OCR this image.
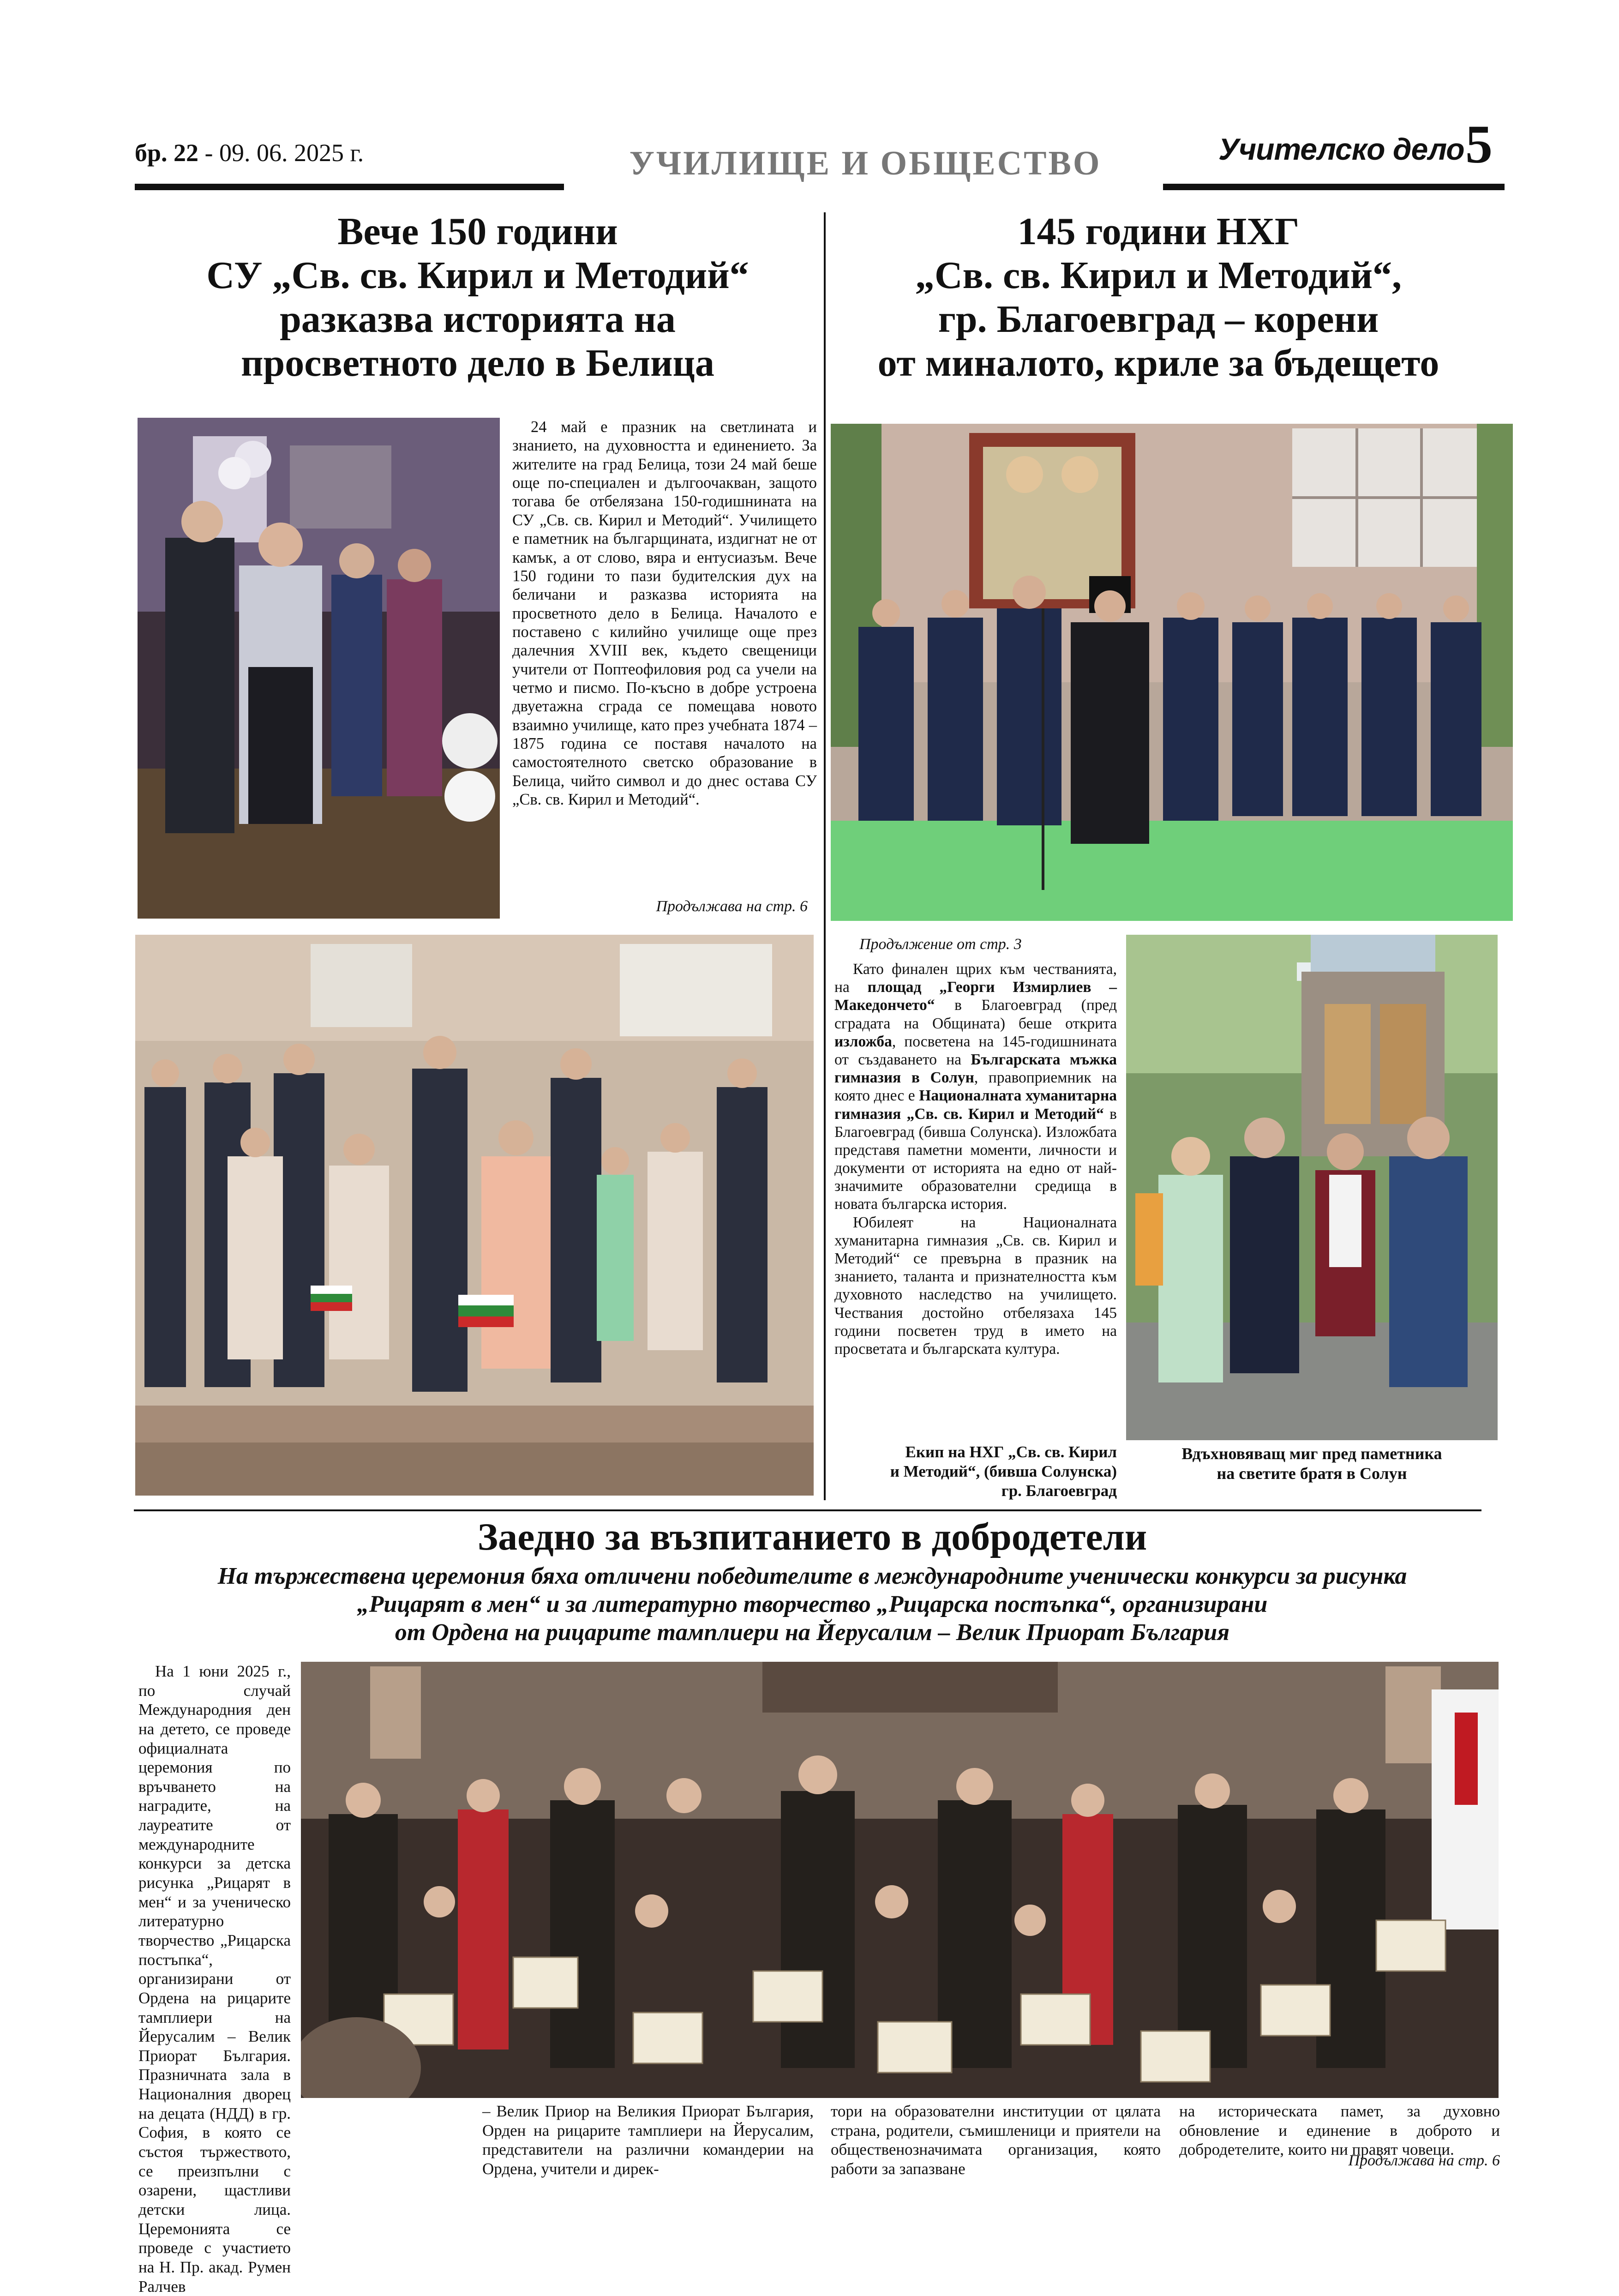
бр. 22 - 09. 06. 2025 г.	УЧИЛИЩЕ И ОБЩЕСТВО	Учителско дело 5
Вече 150 години
СУ „Св. св. Кирил и Методий“
разказва историята на
просветното дело в Белица

24 май е празник на светлината и знанието, на духовността и единението. За жителите на град Белица, този 24 май беше още по-специален и дългоочакван, защото тогава бе отбелязана 150-годишнината на СУ „Св. св. Кирил и Методий“. Училището е паметник на българщината, издигнат не от камък, а от слово, вяра и ентусиазъм. Вече 150 години то пази будителския дух на беличани и разказва историята на просветното дело в Белица. Началото е поставено с килийно училище още през далечния XVIII век, където свещеници учители от Поптеофиловия род са учели на четмо и писмо. По-късно в добре устроена двуетажна сграда се помещава новото взаимно училище, като през учебната 1874 – 1875 година се поставя началото на самостоятелното светско образование в Белица, чийто символ и до днес остава СУ „Св. св. Кирил и Методий“.

Продължава на стр. 6
145 години НХГ
„Св. св. Кирил и Методий“,
гр. Благоевград – корени
от миналото, криле за бъдещето
Продължение от стр. 3

Като финален щрих към честванията, на площад „Георги Измирлиев – Македончето“ в Благоевград (пред сградата на Общината) беше открита изложба, посветена на 145-годишнината от създаването на Българската мъжка гимназия в Солун, правоприемник на която днес е Националната хуманитарна гимназия „Св. св. Кирил и Методий“ в Благоевград (бивша Солунска). Изложбата представя паметни моменти, личности и документи от историята на едно от най-значимите образователни средища в новата българска история.

Юбилеят на Националната хуманитарна гимназия „Св. св. Кирил и Методий“ се превърна в празник на знанието, таланта и признателността към духовното наследство на училището. Чествания достойно отбелязаха 145 години посветен труд в името на просветата и българската култура.

Екип на НХГ „Св. св. Кирил
и Методий“, (бивша Солунска)
гр. Благоевград
Вдъхновяващ миг пред паметника
на светите братя в Солун
Заедно за възпитанието в добродетели
На тържествена церемония бяха отличени победителите в международните ученически конкурси за рисунка
„Рицарят в мен“ и за литературно творчество „Рицарска постъпка“, организирани
от Ордена на рицарите тамплиери на Йерусалим – Велик Приорат България

На 1 юни 2025 г., по случай Международния ден на детето, се проведе официалната церемония по връчването на наградите, на лауреатите от международните конкурси за детска рисунка „Рицарят в мен“ и за ученическо литературно творчество „Рицарска постъпка“, организирани от Ордена на рицарите тамплиери на Йерусалим – Велик Приорат България. Празничната зала в Националния дворец на децата (НДД) в гр. София, в която се състоя тържеството, се преизпълни с озарени, щастливи детски лица. Церемонията се проведе с участието на Н. Пр. акад. Румен Ралчев

– Велик Приор на Великия Приорат България, Орден на рицарите тамплиери на Йерусалим, представители на различни командерии на Ордена, учители и дирек-

тори на образователни институции от цялата страна, родители, съмишленици и приятели на общественозначимата организация, която работи за запазване

на историческата памет, за духовно обновление и единение в доброто и добродетелите, които ни правят човеци.

Продължава на стр. 6
